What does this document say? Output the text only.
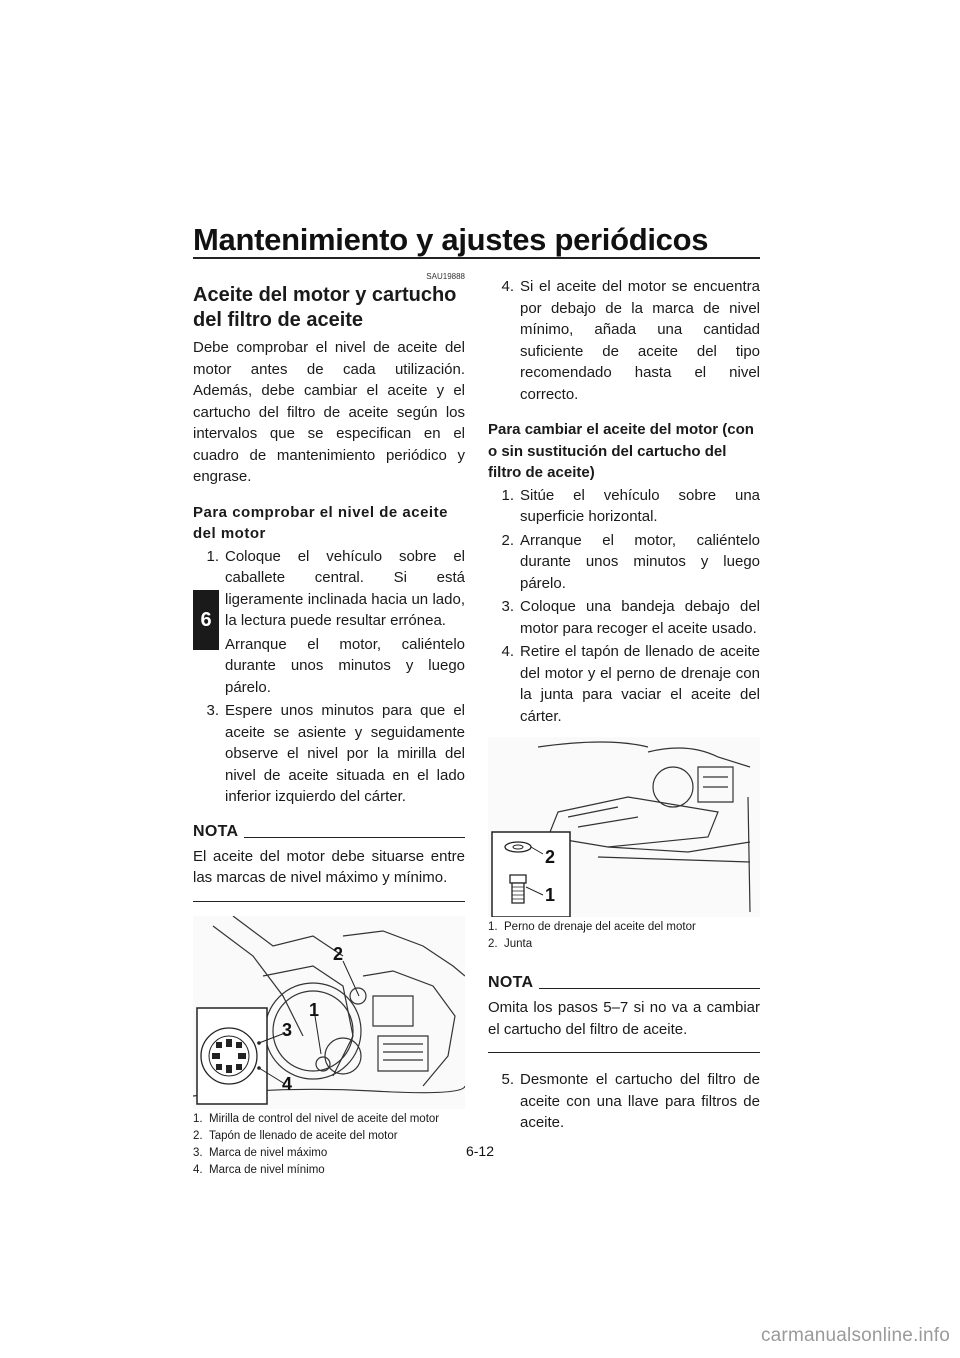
Mantenimiento y ajustes periódicos
6
SAU19888
Aceite del motor y cartucho del filtro de aceite

Debe comprobar el nivel de aceite del motor antes de cada utilización. Además, debe cambiar el aceite y el cartucho del filtro de aceite según los intervalos que se especifican en el cuadro de mantenimiento periódico y engrase.

Para comprobar el nivel de aceite del motor
1. Coloque el vehículo sobre el caballete central. Si está ligeramente inclinada hacia un lado, la lectura puede resultar errónea.
2. Arranque el motor, caliéntelo durante unos minutos y luego párelo.
3. Espere unos minutos para que el aceite se asiente y seguidamente observe el nivel por la mirilla del nivel de aceite situada en el lado inferior izquierdo del cárter.
NOTA
El aceite del motor debe situarse entre las marcas de nivel máximo y mínimo.
2
1
3
4
1. Mirilla de control del nivel de aceite del motor
2. Tapón de llenado de aceite del motor
3. Marca de nivel máximo
4. Marca de nivel mínimo
4. Si el aceite del motor se encuentra por debajo de la marca de nivel mínimo, añada una cantidad suficiente de aceite del tipo recomendado hasta el nivel correcto.
Para cambiar el aceite del motor (con o sin sustitución del cartucho del filtro de aceite)
1. Sitúe el vehículo sobre una superficie horizontal.
2. Arranque el motor, caliéntelo durante unos minutos y luego párelo.
3. Coloque una bandeja debajo del motor para recoger el aceite usado.
4. Retire el tapón de llenado de aceite del motor y el perno de drenaje con la junta para vaciar el aceite del cárter.
2
1
1. Perno de drenaje del aceite del motor
2. Junta
NOTA
Omita los pasos 5–7 si no va a cambiar el cartucho del filtro de aceite.
5. Desmonte el cartucho del filtro de aceite con una llave para filtros de aceite.
6-12
carmanualsonline.info
